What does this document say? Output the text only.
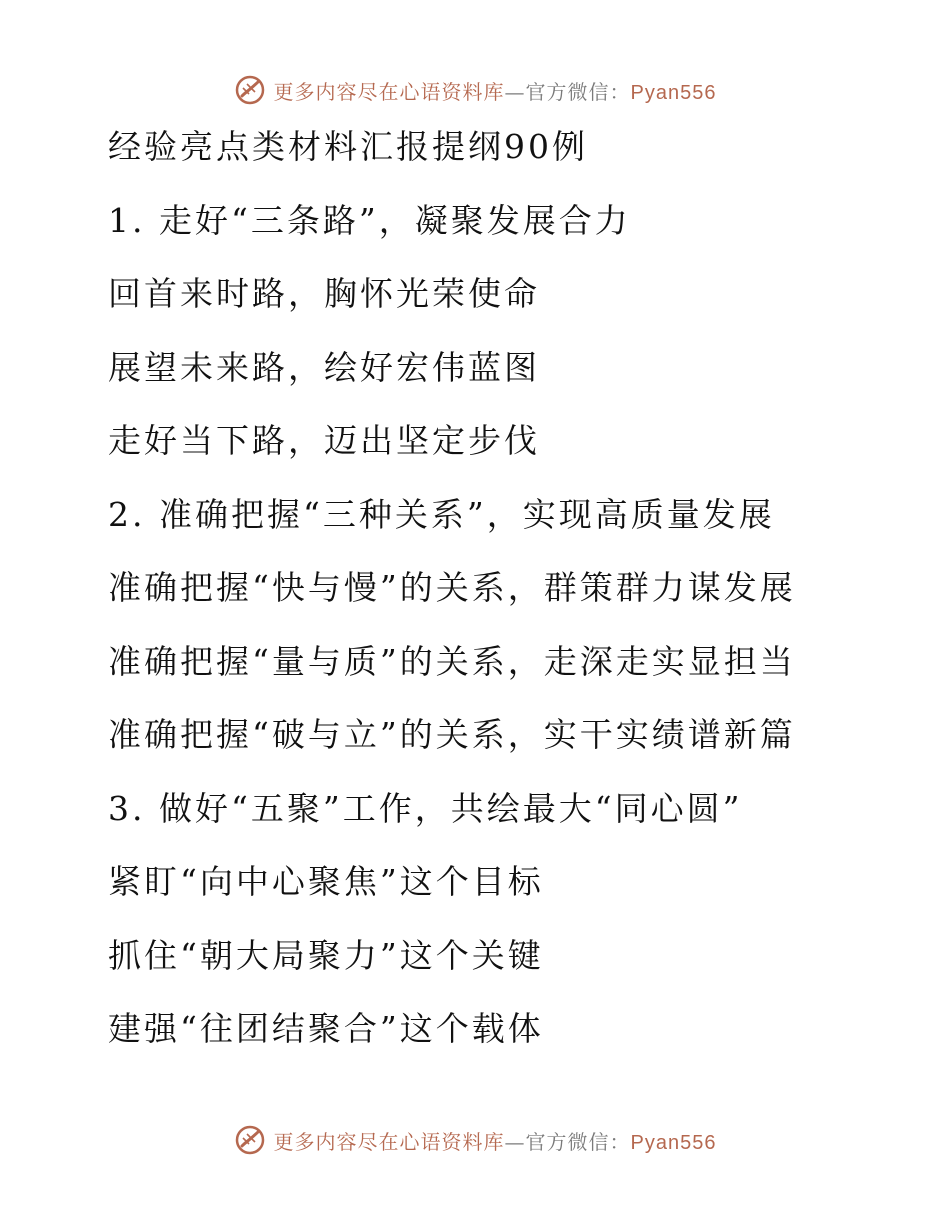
更多内容尽在心语资料库—官方微信：Pyan556
经验亮点类材料汇报提纲90例
1. 走好“三条路”，凝聚发展合力
回首来时路，胸怀光荣使命
展望未来路，绘好宏伟蓝图
走好当下路，迈出坚定步伐
2. 准确把握“三种关系”，实现高质量发展
准确把握“快与慢”的关系，群策群力谋发展
准确把握“量与质”的关系，走深走实显担当
准确把握“破与立”的关系，实干实绩谱新篇
3. 做好“五聚”工作，共绘最大“同心圆”
紧盯“向中心聚焦”这个目标
抓住“朝大局聚力”这个关键
建强“往团结聚合”这个载体
更多内容尽在心语资料库—官方微信：Pyan556
